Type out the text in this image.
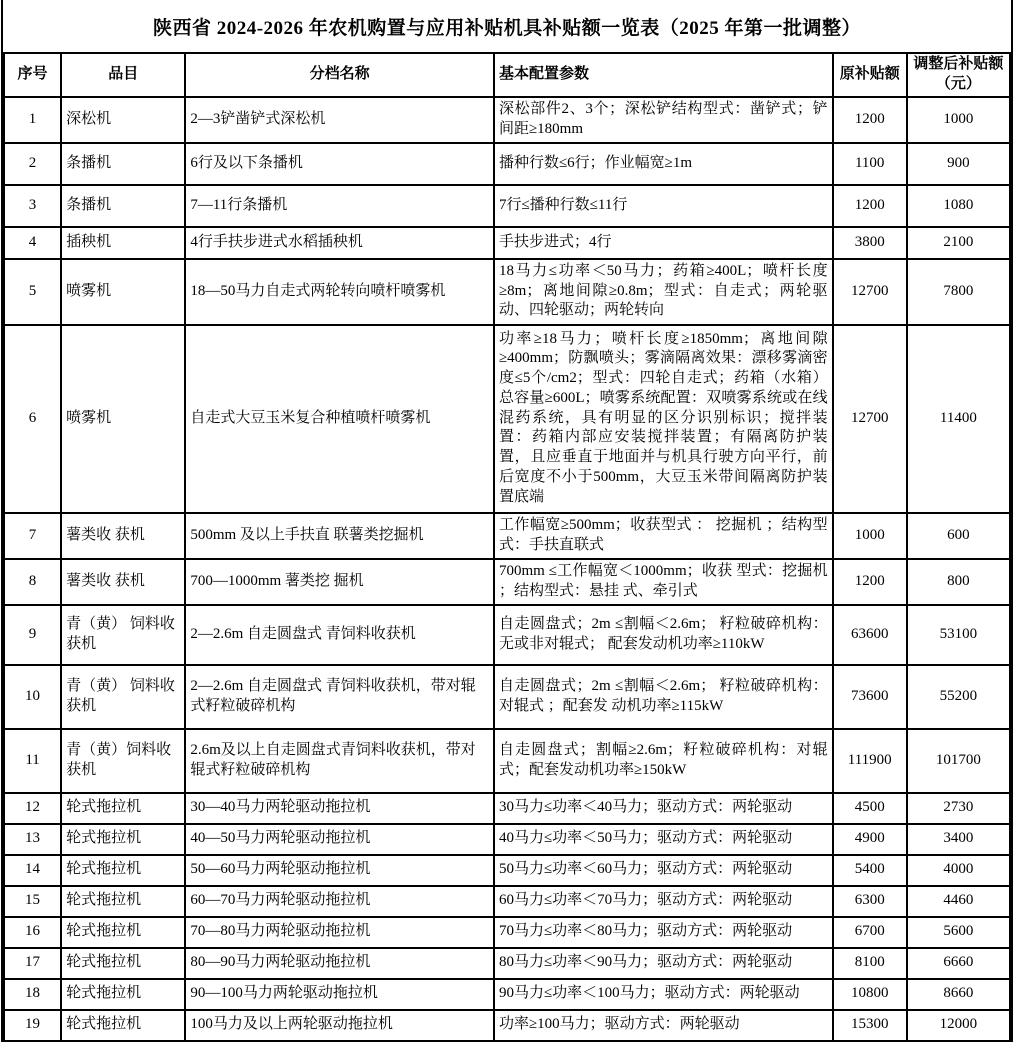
陕西省 2024-2026 年农机购置与应用补贴机具补贴额一览表（2025 年第一批调整）
序号	品目	分档名称	基本配置参数	原补贴额	调整后补贴额（元）
1	深松机	2—3铲凿铲式深松机	深松部件2、3个；深松铲结构型式：凿铲式；铲间距≥180mm	1200	1000
2	条播机	6行及以下条播机	播种行数≤6行；作业幅宽≥1m	1100	900
3	条播机	7—11行条播机	7行≤播种行数≤11行	1200	1080
4	插秧机	4行手扶步进式水稻插秧机	手扶步进式；4行	3800	2100
5	喷雾机	18—50马力自走式两轮转向喷杆喷雾机	18马力≤功率＜50马力；药箱≥400L；喷杆长度≥8m；离地间隙≥0.8m；型式：自走式；两轮驱动、四轮驱动；两轮转向	12700	7800
6	喷雾机	自走式大豆玉米复合种植喷杆喷雾机	功率≥18马力；喷杆长度≥1850mm；离地间隙≥400mm；防飘喷头；雾滴隔离效果：漂移雾滴密度≤5个/cm2；型式：四轮自走式；药箱（水箱）总容量≥600L；喷雾系统配置：双喷雾系统或在线混药系统，具有明显的区分识别标识；搅拌装置：药箱内部应安装搅拌装置；有隔离防护装置，且应垂直于地面并与机具行驶方向平行，前后宽度不小于500mm，大豆玉米带间隔离防护装置底端	12700	11400
7	薯类收 获机	500mm 及以上手扶直 联薯类挖掘机	工作幅宽≥500mm；收获型式 ： 挖掘机 ；结构型式：手扶直联式	1000	600
8	薯类收 获机	700—1000mm 薯类挖 掘机	700mm ≤工作幅宽＜1000mm；收获 型式：挖掘机 ；结构型式：悬挂 式、牵引式	1200	800
9	青（黄） 饲料收获机	2—2.6m 自走圆盘式 青饲料收获机	自走圆盘式；2m ≤割幅＜2.6m； 籽粒破碎机构：无或非对辊式； 配套发动机功率≥110kW	63600	53100
10	青（黄） 饲料收获机	2—2.6m 自走圆盘式 青饲料收获机，带对辊式籽粒破碎机构	自走圆盘式；2m ≤割幅＜2.6m； 籽粒破碎机构：对辊式 ；配套发 动机功率≥115kW	73600	55200
11	青（黄）饲料收获机	2.6m及以上自走圆盘式青饲料收获机，带对辊式籽粒破碎机构	自走圆盘式；割幅≥2.6m；籽粒破碎机构：对辊式；配套发动机功率≥150kW	111900	101700
12	轮式拖拉机	30—40马力两轮驱动拖拉机	30马力≤功率＜40马力；驱动方式：两轮驱动	4500	2730
13	轮式拖拉机	40—50马力两轮驱动拖拉机	40马力≤功率＜50马力；驱动方式：两轮驱动	4900	3400
14	轮式拖拉机	50—60马力两轮驱动拖拉机	50马力≤功率＜60马力；驱动方式：两轮驱动	5400	4000
15	轮式拖拉机	60—70马力两轮驱动拖拉机	60马力≤功率＜70马力；驱动方式：两轮驱动	6300	4460
16	轮式拖拉机	70—80马力两轮驱动拖拉机	70马力≤功率＜80马力；驱动方式：两轮驱动	6700	5600
17	轮式拖拉机	80—90马力两轮驱动拖拉机	80马力≤功率＜90马力；驱动方式：两轮驱动	8100	6660
18	轮式拖拉机	90—100马力两轮驱动拖拉机	90马力≤功率＜100马力；驱动方式：两轮驱动	10800	8660
19	轮式拖拉机	100马力及以上两轮驱动拖拉机	功率≥100马力；驱动方式：两轮驱动	15300	12000
